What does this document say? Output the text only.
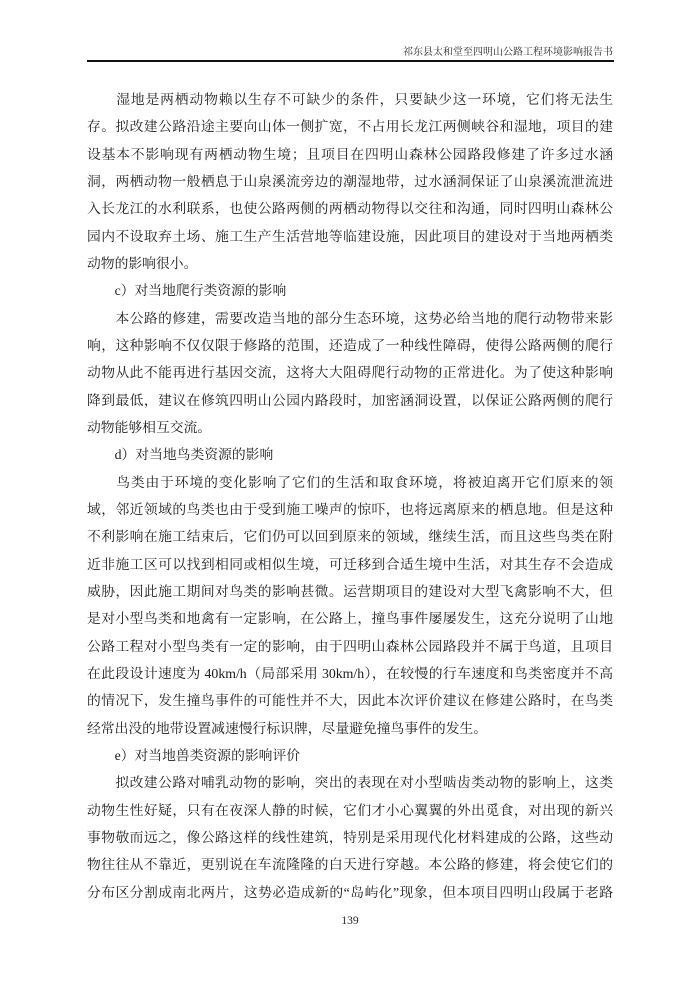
祁东县太和堂至四明山公路工程环境影响报告书
　　湿地是两栖动物赖以生存不可缺少的条件，只要缺少这一环境，它们将无法生
存。拟改建公路沿途主要向山体一侧扩宽，不占用长龙江两侧峡谷和湿地，项目的建
设基本不影响现有两栖动物生境；且项目在四明山森林公园路段修建了许多过水涵
洞，两栖动物一般栖息于山泉溪流旁边的潮湿地带，过水涵洞保证了山泉溪流泄流进
入长龙江的水利联系，也使公路两侧的两栖动物得以交往和沟通，同时四明山森林公
园内不设取弃土场、施工生产生活营地等临建设施，因此项目的建设对于当地两栖类
动物的影响很小。
　　c）对当地爬行类资源的影响
　　本公路的修建，需要改造当地的部分生态环境，这势必给当地的爬行动物带来影
响，这种影响不仅仅限于修路的范围，还造成了一种线性障碍，使得公路两侧的爬行
动物从此不能再进行基因交流，这将大大阻碍爬行动物的正常进化。为了使这种影响
降到最低，建议在修筑四明山公园内路段时，加密涵洞设置，以保证公路两侧的爬行
动物能够相互交流。
　　d）对当地鸟类资源的影响
　　鸟类由于环境的变化影响了它们的生活和取食环境，将被迫离开它们原来的领
域，邻近领域的鸟类也由于受到施工噪声的惊吓，也将远离原来的栖息地。但是这种
不利影响在施工结束后，它们仍可以回到原来的领域，继续生活，而且这些鸟类在附
近非施工区可以找到相同或相似生境，可迁移到合适生境中生活，对其生存不会造成
威胁，因此施工期间对鸟类的影响甚微。运营期项目的建设对大型飞禽影响不大，但
是对小型鸟类和地禽有一定影响，在公路上，撞鸟事件屡屡发生，这充分说明了山地
公路工程对小型鸟类有一定的影响，由于四明山森林公园路段并不属于鸟道，且项目
在此段设计速度为 40km/h（局部采用 30km/h），在较慢的行车速度和鸟类密度并不高
的情况下，发生撞鸟事件的可能性并不大，因此本次评价建议在修建公路时，在鸟类
经常出没的地带设置减速慢行标识牌，尽量避免撞鸟事件的发生。
　　e）对当地兽类资源的影响评价
　　拟改建公路对哺乳动物的影响，突出的表现在对小型啮齿类动物的影响上，这类
动物生性好疑，只有在夜深人静的时候，它们才小心翼翼的外出觅食，对出现的新兴
事物敬而远之，像公路这样的线性建筑，特别是采用现代化材料建成的公路，这些动
物往往从不靠近，更别说在车流隆隆的白天进行穿越。本公路的修建，将会使它们的
分布区分割成南北两片，这势必造成新的“岛屿化”现象，但本项目四明山段属于老路
139
